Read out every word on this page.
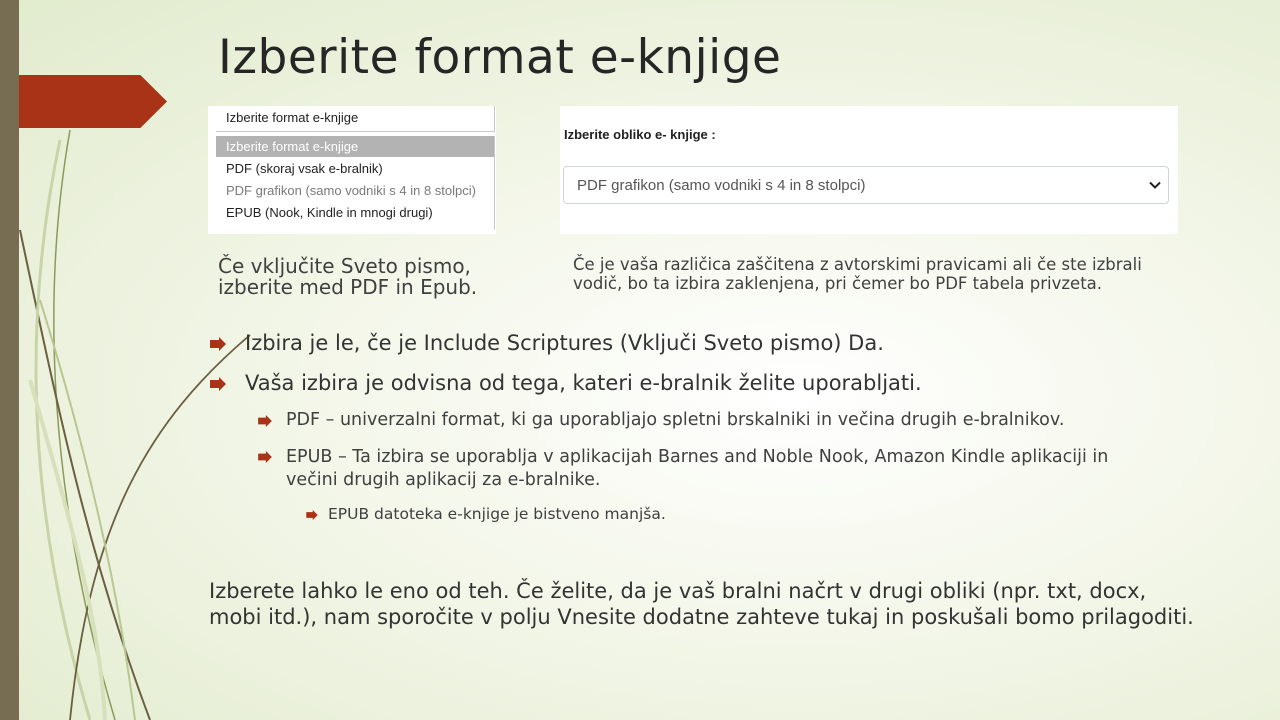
Izberite format e-knjige
Izberite format e-knjige
Izberite format e-knjige
PDF (skoraj vsak e-bralnik)
PDF grafikon (samo vodniki s 4 in 8 stolpci)
EPUB (Nook, Kindle in mnogi drugi)
Izberite obliko e- knjige :
PDF grafikon (samo vodniki s 4 in 8 stolpci)
Če vključite Sveto pismo, izberite med PDF in Epub.
Če je vaša različica zaščitena z avtorskimi pravicami ali če ste izbrali vodič, bo ta izbira zaklenjena, pri čemer bo PDF tabela privzeta.
Izbira je le, če je Include Scriptures (Vključi Sveto pismo) Da.
Vaša izbira je odvisna od tega, kateri e-bralnik želite uporabljati.
PDF – univerzalni format, ki ga uporabljajo spletni brskalniki in večina drugih e-bralnikov.
EPUB – Ta izbira se uporablja v aplikacijah Barnes and Noble Nook, Amazon Kindle aplikaciji in večini drugih aplikacij za e-bralnike.
EPUB datoteka e-knjige je bistveno manjša.
Izberete lahko le eno od teh. Če želite, da je vaš bralni načrt v drugi obliki (npr. txt, docx, mobi itd.), nam sporočite v polju Vnesite dodatne zahteve tukaj in poskušali bomo prilagoditi.
